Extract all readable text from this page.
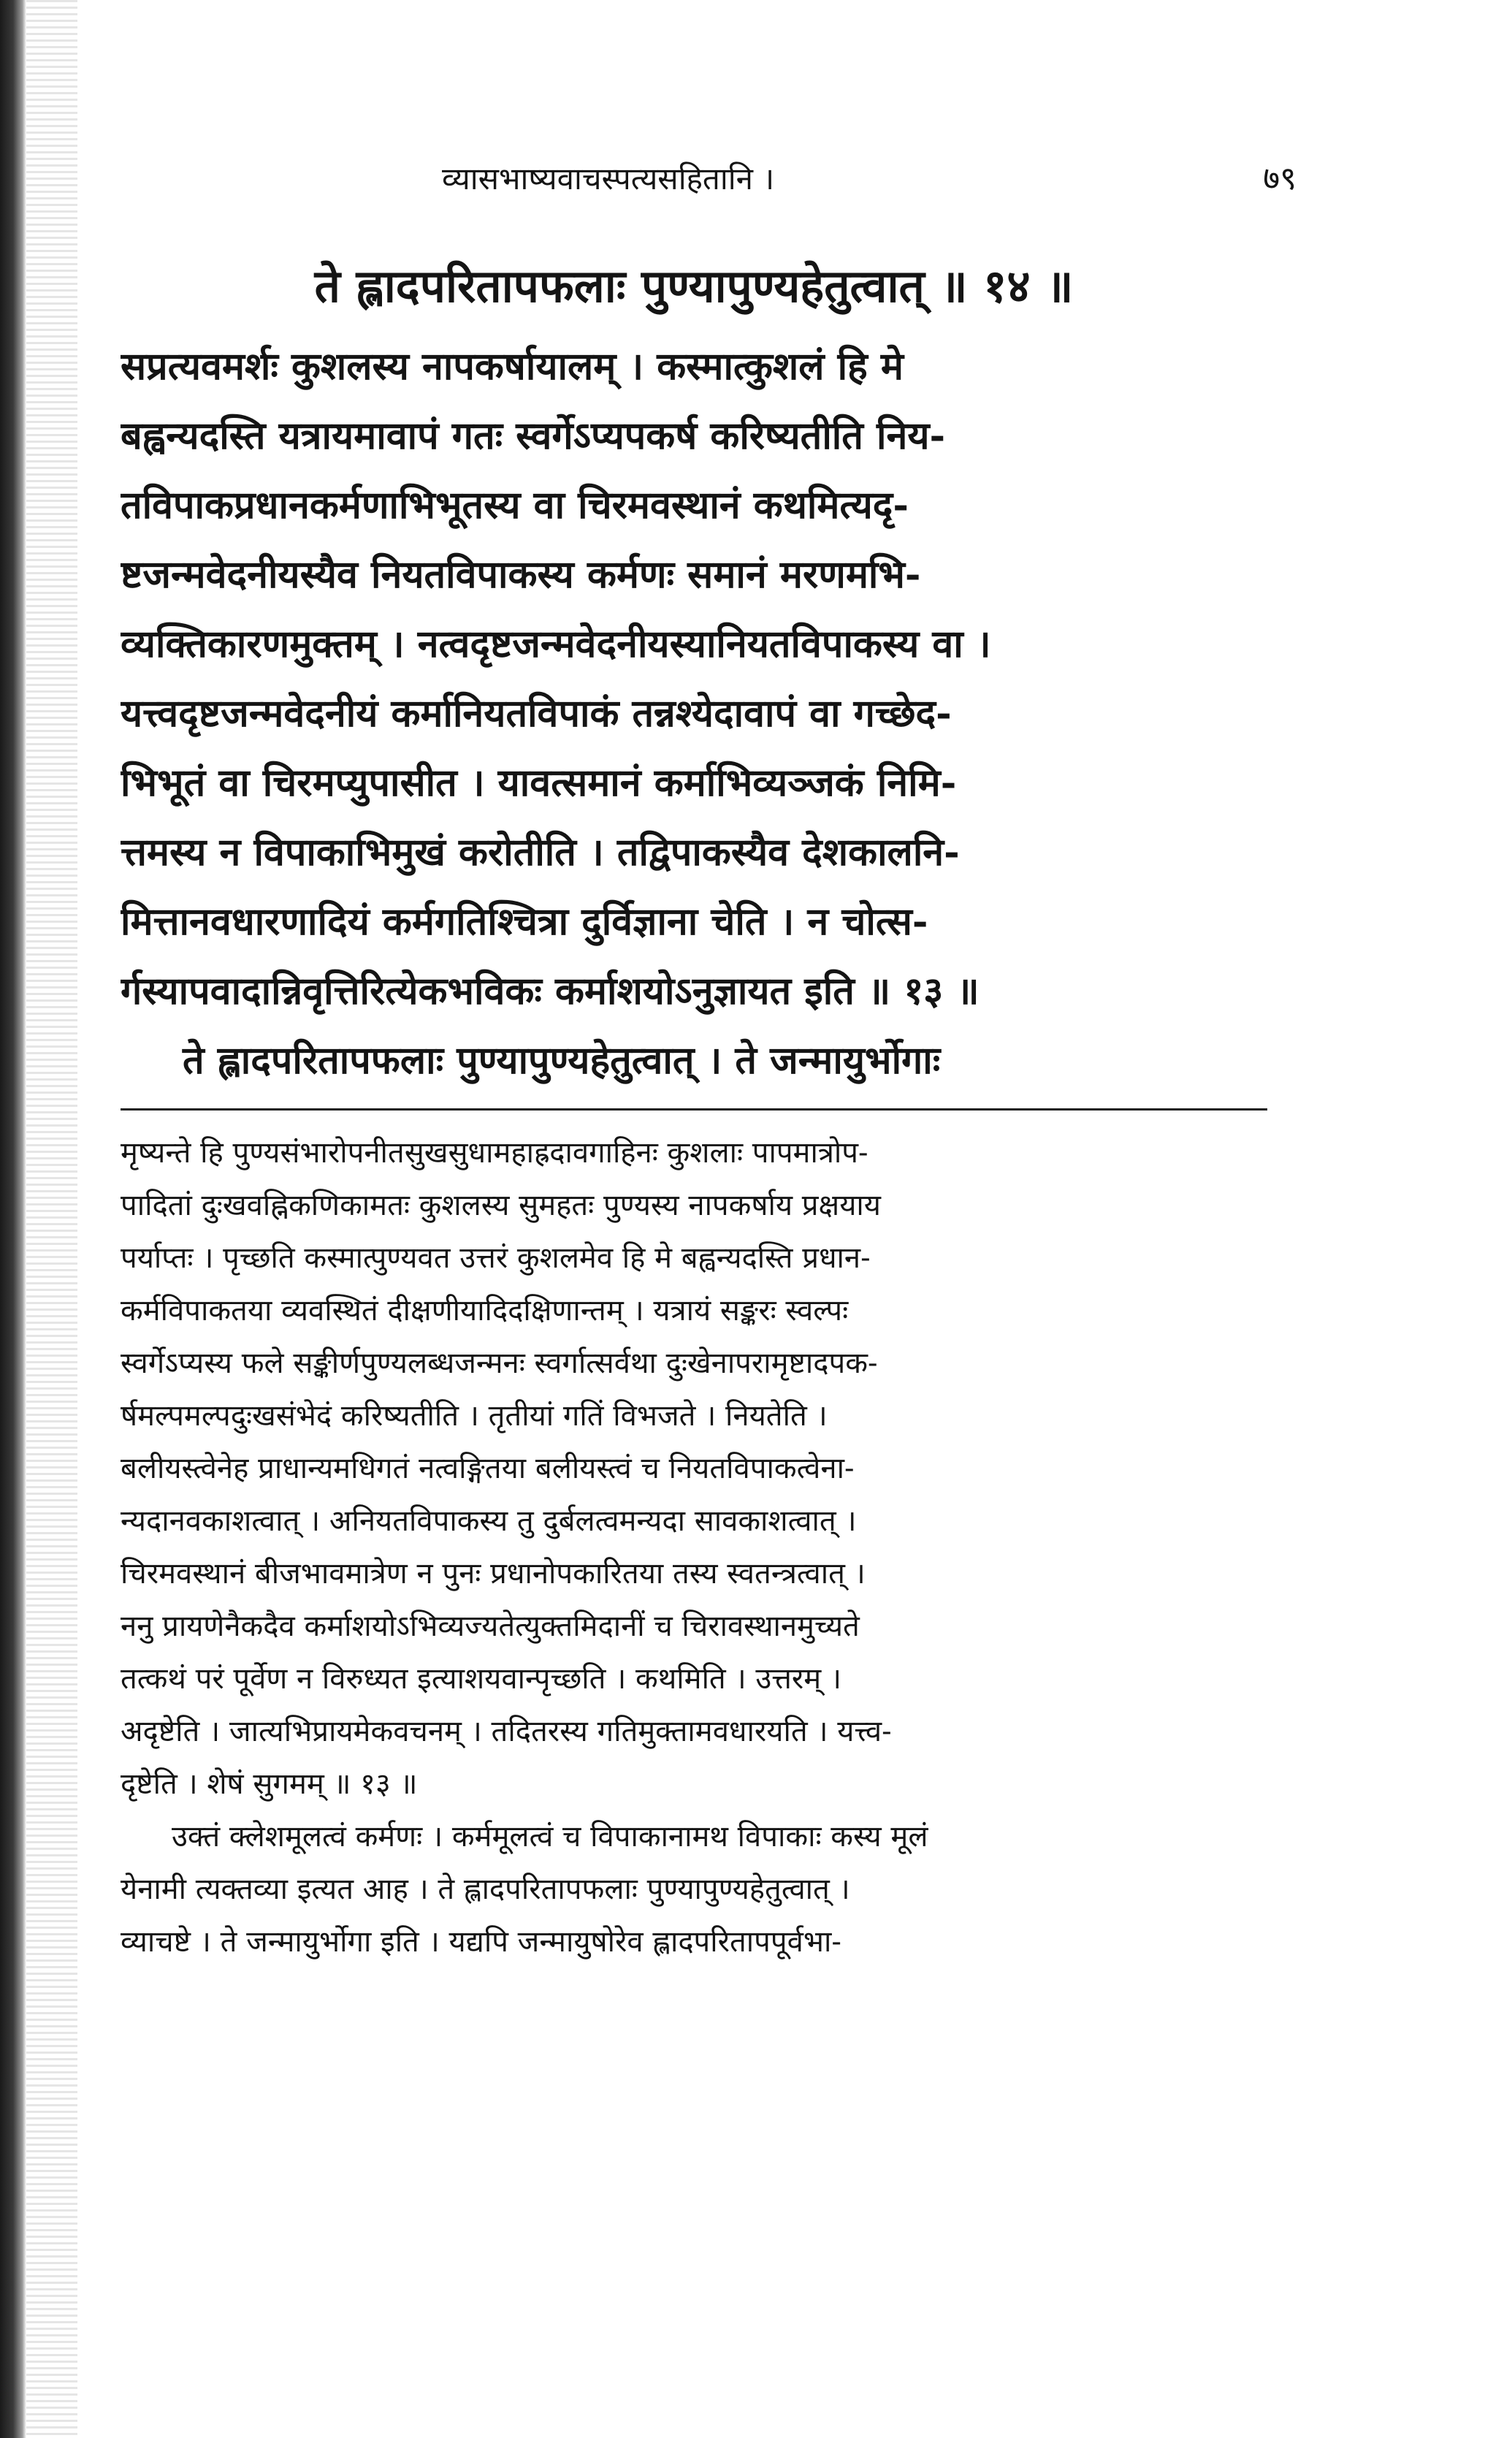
व्यासभाष्यवाचस्पत्यसहितानि ।	७९
ते ह्लादपरितापफलाः पुण्यापुण्यहेतुत्वात् ॥ १४ ॥
सप्रत्यवमर्शः कुशलस्य नापकर्षायालम् । कस्मात्कुशलं हि मे
बह्वन्यदस्ति यत्रायमावापं गतः स्वर्गेऽप्यपकर्ष करिष्यतीति निय-
तविपाकप्रधानकर्मणाभिभूतस्य वा चिरमवस्थानं कथमित्यदृ-
ष्टजन्मवेदनीयस्यैव नियतविपाकस्य कर्मणः समानं मरणमभि-
व्यक्तिकारणमुक्तम् । नत्वदृष्टजन्मवेदनीयस्यानियतविपाकस्य वा ।
यत्त्वदृष्टजन्मवेदनीयं कर्मानियतविपाकं तन्नश्येदावापं वा गच्छेद-
भिभूतं वा चिरमप्युपासीत । यावत्समानं कर्माभिव्यञ्जकं निमि-
त्तमस्य न विपाकाभिमुखं करोतीति । तद्विपाकस्यैव देशकालनि-
मित्तानवधारणादियं कर्मगतिश्चित्रा दुर्विज्ञाना चेति । न चोत्स-
र्गस्यापवादान्निवृत्तिरित्येकभविकः कर्माशयोऽनुज्ञायत इति ॥ १३ ॥
ते ह्लादपरितापफलाः पुण्यापुण्यहेतुत्वात् । ते जन्मायुर्भोगाः
मृष्यन्ते हि पुण्यसंभारोपनीतसुखसुधामहाह्रदावगाहिनः कुशलाः पापमात्रोप-
पादितां दुःखवह्निकणिकामतः कुशलस्य सुमहतः पुण्यस्य नापकर्षाय प्रक्षयाय
पर्याप्तः । पृच्छति कस्मात्पुण्यवत उत्तरं कुशलमेव हि मे बह्वन्यदस्ति प्रधान-
कर्मविपाकतया व्यवस्थितं दीक्षणीयादिदक्षिणान्तम् । यत्रायं सङ्करः स्वल्पः
स्वर्गेऽप्यस्य फले सङ्कीर्णपुण्यलब्धजन्मनः स्वर्गात्सर्वथा दुःखेनापरामृष्टादपक-
र्षमल्पमल्पदुःखसंभेदं करिष्यतीति । तृतीयां गतिं विभजते । नियतेति ।
बलीयस्त्वेनेह प्राधान्यमधिगतं नत्वङ्गितया बलीयस्त्वं च नियतविपाकत्वेना-
न्यदानवकाशत्वात् । अनियतविपाकस्य तु दुर्बलत्वमन्यदा सावकाशत्वात् ।
चिरमवस्थानं बीजभावमात्रेण न पुनः प्रधानोपकारितया तस्य स्वतन्त्रत्वात् ।
ननु प्रायणेनैकदैव कर्माशयोऽभिव्यज्यतेत्युक्तमिदानीं च चिरावस्थानमुच्यते
तत्कथं परं पूर्वेण न विरुध्यत इत्याशयवान्पृच्छति । कथमिति । उत्तरम् ।
अदृष्टेति । जात्यभिप्रायमेकवचनम् । तदितरस्य गतिमुक्तामवधारयति । यत्त्व-
दृष्टेति । शेषं सुगमम् ॥ १३ ॥
उक्तं क्लेशमूलत्वं कर्मणः । कर्ममूलत्वं च विपाकानामथ विपाकाः कस्य मूलं
येनामी त्यक्तव्या इत्यत आह । ते ह्लादपरितापफलाः पुण्यापुण्यहेतुत्वात् ।
व्याचष्टे । ते जन्मायुर्भोगा इति । यद्यपि जन्मायुषोरेव ह्लादपरितापपूर्वभा-
